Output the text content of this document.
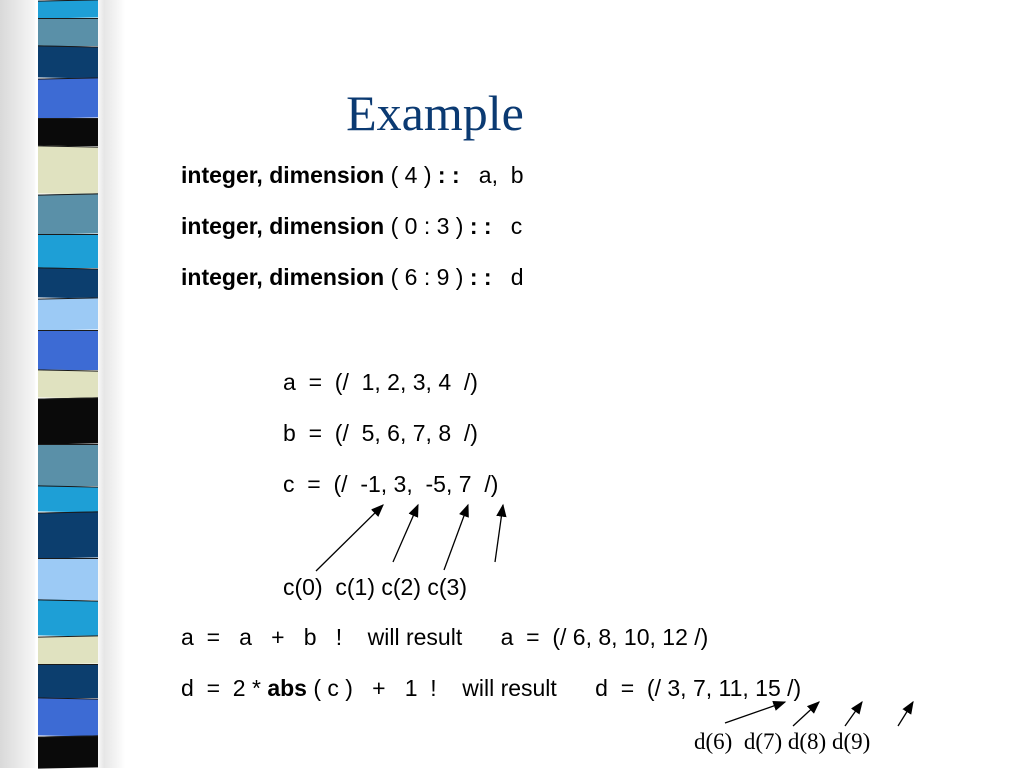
Example
integer, dimension ( 4 ) : :   a,  b
integer, dimension ( 0 : 3 ) : :   c
integer, dimension ( 6 : 9 ) : :   d
a  =  (/  1, 2, 3, 4  /)
b  =  (/  5, 6, 7, 8  /)
c  =  (/  -1, 3,  -5, 7  /)
c(0)  c(1) c(2) c(3)
a  =   a   +   b   !    will result      a  =  (/ 6, 8, 10, 12 /)
d  =  2 * abs ( c )   +   1  !    will result      d  =  (/ 3, 7, 11, 15 /)
d(6)  d(7) d(8) d(9)
